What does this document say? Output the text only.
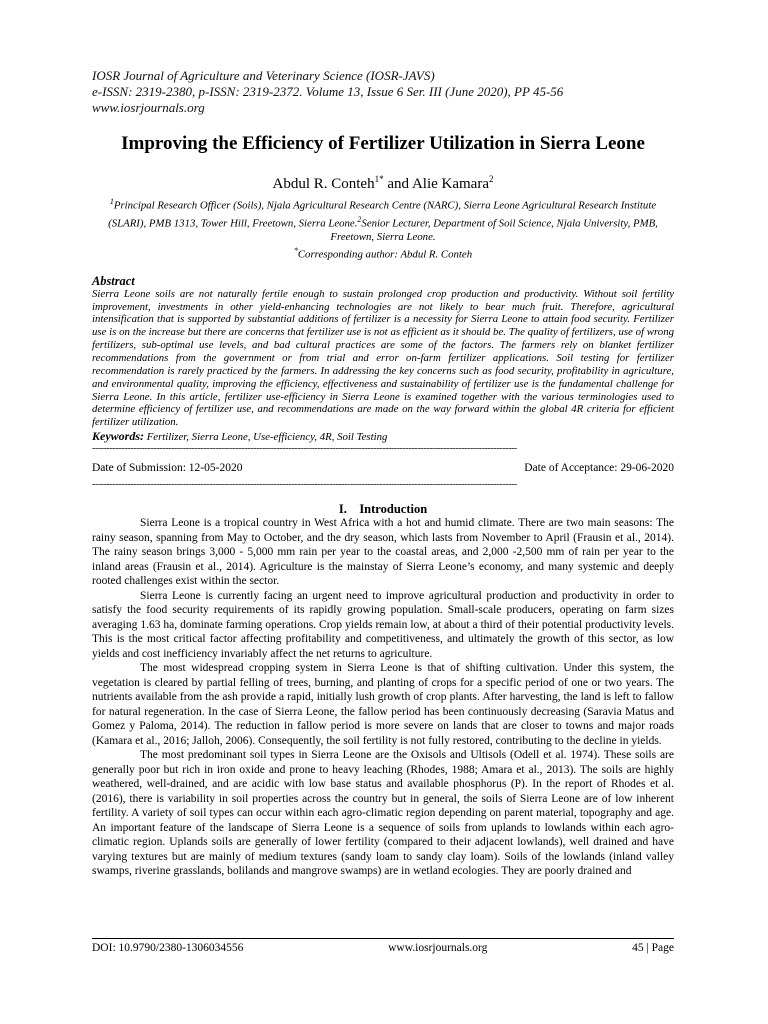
IOSR Journal of Agriculture and Veterinary Science (IOSR-JAVS)
e-ISSN: 2319-2380, p-ISSN: 2319-2372. Volume 13, Issue 6 Ser. III (June 2020), PP 45-56
www.iosrjournals.org
Improving the Efficiency of Fertilizer Utilization in Sierra Leone
Abdul R. Conteh$^{1*}$ and Alie Kamara$^2$
$^1$Principal Research Officer (Soils), Njala Agricultural Research Centre (NARC), Sierra Leone Agricultural Research Institute (SLARI), PMB 1313, Tower Hill, Freetown, Sierra Leone.$^2$Senior Lecturer, Department of Soil Science, Njala University, PMB, Freetown, Sierra Leone.
*Corresponding author: Abdul R. Conteh
Abstract
Sierra Leone soils are not naturally fertile enough to sustain prolonged crop production and productivity. Without soil fertility improvement, investments in other yield-enhancing technologies are not likely to bear much fruit. Therefore, agricultural intensification that is supported by substantial additions of fertilizer is a necessity for Sierra Leone to attain food security. Fertilizer use is on the increase but there are concerns that fertilizer use is not as efficient as it should be. The quality of fertilizers, use of wrong fertilizers, sub-optimal use levels, and bad cultural practices are some of the factors. The farmers rely on blanket fertilizer recommendations from the government or from trial and error on-farm fertilizer applications. Soil testing for fertilizer recommendation is rarely practiced by the farmers. In addressing the key concerns such as food security, profitability in agriculture, and environmental quality, improving the efficiency, effectiveness and sustainability of fertilizer use is the fundamental challenge for Sierra Leone. In this article, fertilizer use-efficiency in Sierra Leone is examined together with the various terminologies used to determine efficiency of fertilizer use, and recommendations are made on the way forward within the global 4R criteria for efficient fertilizer utilization.
Keywords: Fertilizer, Sierra Leone, Use-efficiency, 4R, Soil Testing
-------------------------------------------------------------------------------------------------------------------------------------------------
Date of Submission: 12-05-2020	Date of Acceptance: 29-06-2020
-------------------------------------------------------------------------------------------------------------------------------------------------
I.    Introduction

Sierra Leone is a tropical country in West Africa with a hot and humid climate. There are two main seasons: The rainy season, spanning from May to October, and the dry season, which lasts from November to April (Frausin et al., 2014). The rainy season brings 3,000 - 5,000 mm rain per year to the coastal areas, and 2,000 -2,500 mm of rain per year to the inland areas (Frausin et al., 2014). Agriculture is the mainstay of Sierra Leone’s economy, and many systemic and deeply rooted challenges exist within the sector.

Sierra Leone is currently facing an urgent need to improve agricultural production and productivity in order to satisfy the food security requirements of its rapidly growing population. Small-scale producers, operating on farm sizes averaging 1.63 ha, dominate farming operations. Crop yields remain low, at about a third of their potential productivity levels. This is the most critical factor affecting profitability and competitiveness, and ultimately the growth of this sector, as low yields and cost inefficiency invariably affect the net returns to agriculture.

The most widespread cropping system in Sierra Leone is that of shifting cultivation. Under this system, the vegetation is cleared by partial felling of trees, burning, and planting of crops for a specific period of one or two years. The nutrients available from the ash provide a rapid, initially lush growth of crop plants. After harvesting, the land is left to fallow for natural regeneration. In the case of Sierra Leone, the fallow period has been continuously decreasing (Saravia Matus and Gomez y Paloma, 2014). The reduction in fallow period is more severe on lands that are closer to towns and major roads (Kamara et al., 2016; Jalloh, 2006). Consequently, the soil fertility is not fully restored, contributing to the decline in yields.

The most predominant soil types in Sierra Leone are the Oxisols and Ultisols (Odell et al. 1974). These soils are generally poor but rich in iron oxide and prone to heavy leaching (Rhodes, 1988; Amara et al., 2013). The soils are highly weathered, well-drained, and are acidic with low base status and available phosphorus (P). In the report of Rhodes et al. (2016), there is variability in soil properties across the country but in general, the soils of Sierra Leone are of low inherent fertility. A variety of soil types can occur within each agro-climatic region depending on parent material, topography and age. An important feature of the landscape of Sierra Leone is a sequence of soils from uplands to lowlands within each agro-climatic region. Uplands soils are generally of lower fertility (compared to their adjacent lowlands), well drained and have varying textures but are mainly of medium textures (sandy loam to sandy clay loam). Soils of the lowlands (inland valley swamps, riverine grasslands, bolilands and mangrove swamps) are in wetland ecologies. They are poorly drained and

DOI: 10.9790/2380-1306034556	www.iosrjournals.org	45 | Page
